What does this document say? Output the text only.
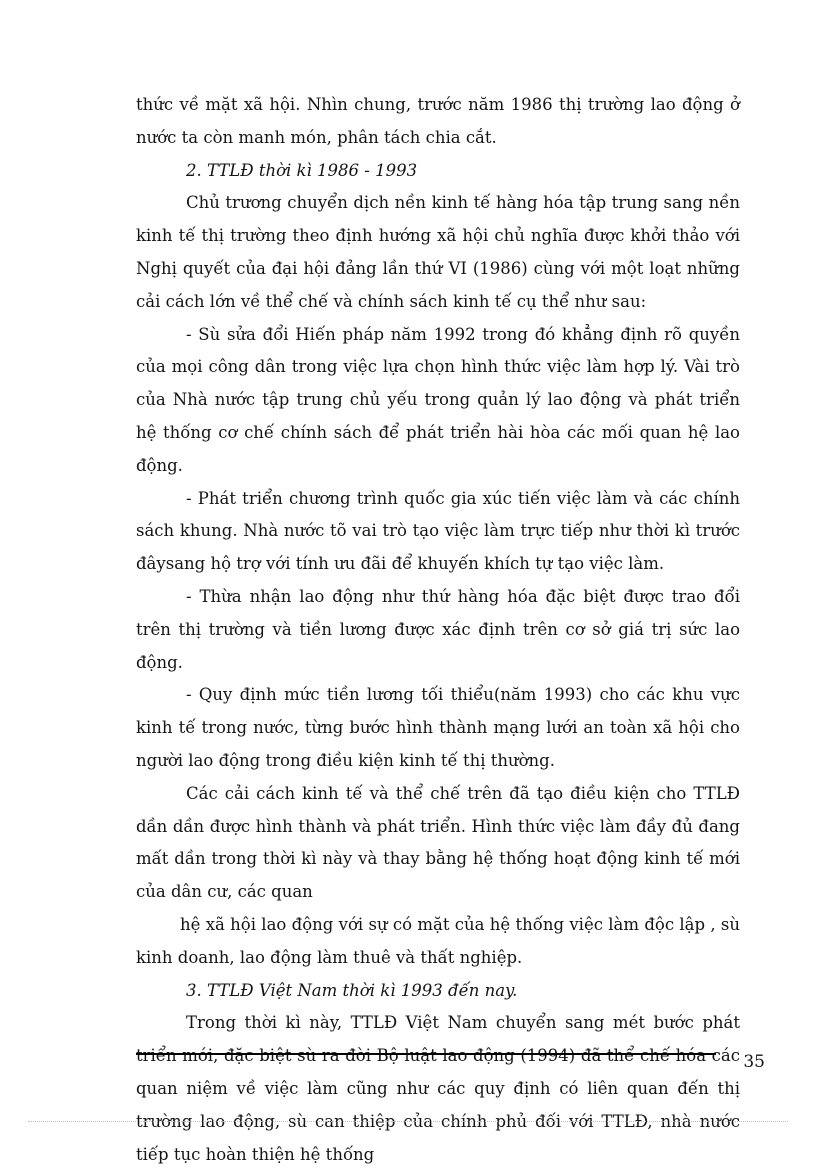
thức về mặt xã hội. Nhìn chung, trước năm 1986 thị trường lao động ở nước ta còn manh món, phân tách chia cắt.

2. TTLĐ thời kì 1986 - 1993

Chủ trương chuyển dịch nền kinh tế hàng hóa tập trung sang nền kinh tế thị trường theo định hướng xã hội chủ nghĩa được khởi thảo với Nghị quyết của đại hội đảng lần thứ VI (1986) cùng với một loạt những cải cách lớn về thể chế và chính sách kinh tế cụ thể như sau:

- Sù sửa đổi Hiến pháp năm 1992 trong đó khẳng định rõ quyền của mọi công dân trong việc lựa chọn hình thức việc làm hợp lý. Vài trò của Nhà nước tập trung chủ yếu trong quản lý lao động và phát triển hệ thống cơ chế chính sách để phát triển hài hòa các mối quan hệ lao động.

- Phát triển chương trình quốc gia xúc tiến việc làm và các chính sách khung. Nhà nước tõ vai trò tạo việc làm trực tiếp như thời kì trước đâysang hộ trợ với tính ưu đãi để khuyến khích tự tạo việc làm.

- Thừa nhận lao động như thứ hàng hóa đặc biệt được trao đổi trên thị trường và tiền lương được xác định trên cơ sở giá trị sức lao động.

- Quy định mức tiền lương tối thiểu(năm 1993) cho các khu vực kinh tế trong nước, từng bước hình thành mạng lưới an toàn xã hội cho người lao động trong điều kiện kinh tế thị thường.

Các cải cách kinh tế và thể chế trên đã tạo điều kiện cho TTLĐ dần dần được hình thành và phát triển. Hình thức việc làm đầy đủ đang mất dần trong thời kì này và thay bằng hệ thống hoạt động kinh tế mới của dân cư, các quan

hệ xã hội lao động với sự có mặt của hệ thống việc làm độc lập , sù

kinh doanh, lao động làm thuê và thất nghiệp.

3. TTLĐ Việt Nam thời kì 1993 đến nay.

Trong thời kì này, TTLĐ Việt Nam chuyển sang mét bước phát triển mới, đặc biệt sù ra đời Bộ luật lao động (1994) đã thể chế hóa các quan niệm về việc làm cũng như các quy định có liên quan đến thị trường lao động, sù can thiệp của chính phủ đối với TTLĐ, nhà nước tiếp tục hoàn thiện hệ thống

35
